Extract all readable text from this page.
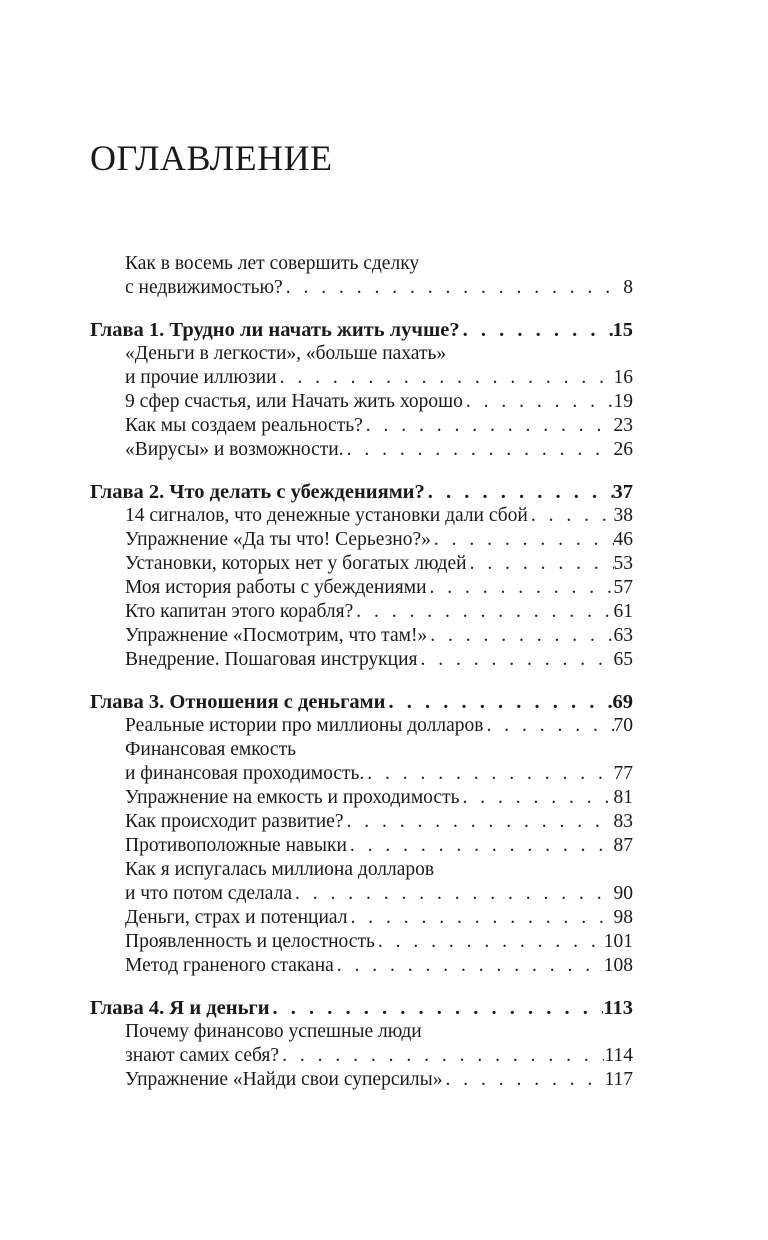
ОГЛАВЛЕНИЕ
Как в восемь лет совершить сделку
с недвижимостью? . . .	8
Глава 1. Трудно ли начать жить лучше? . . .	15
«Деньги в легкости», «больше пахать»
и прочие иллюзии . . .	16
9 сфер счастья, или Начать жить хорошо . . .	19
Как мы создаем реальность? . . .	23
«Вирусы» и возможности. . . .	26
Глава 2. Что делать с убеждениями? . . .	37
14 сигналов, что денежные установки дали сбой . . .	38
Упражнение «Да ты что! Серьезно?» . . .	46
Установки, которых нет у богатых людей . . .	53
Моя история работы с убеждениями . . .	57
Кто капитан этого корабля? . . .	61
Упражнение «Посмотрим, что там!» . . .	63
Внедрение. Пошаговая инструкция . . .	65
Глава 3. Отношения с деньгами . . .	69
Реальные истории про миллионы долларов . . .	70
Финансовая емкость
и финансовая проходимость. . . .	77
Упражнение на емкость и проходимость . . .	81
Как происходит развитие? . . .	83
Противоположные навыки . . .	87
Как я испугалась миллиона долларов
и что потом сделала . . .	90
Деньги, страх и потенциал . . .	98
Проявленность и целостность . . .	101
Метод граненого стакана . . .	108
Глава 4. Я и деньги . . .	113
Почему финансово успешные люди
знают самих себя? . . .	114
Упражнение «Найди свои суперсилы» . . .	117
